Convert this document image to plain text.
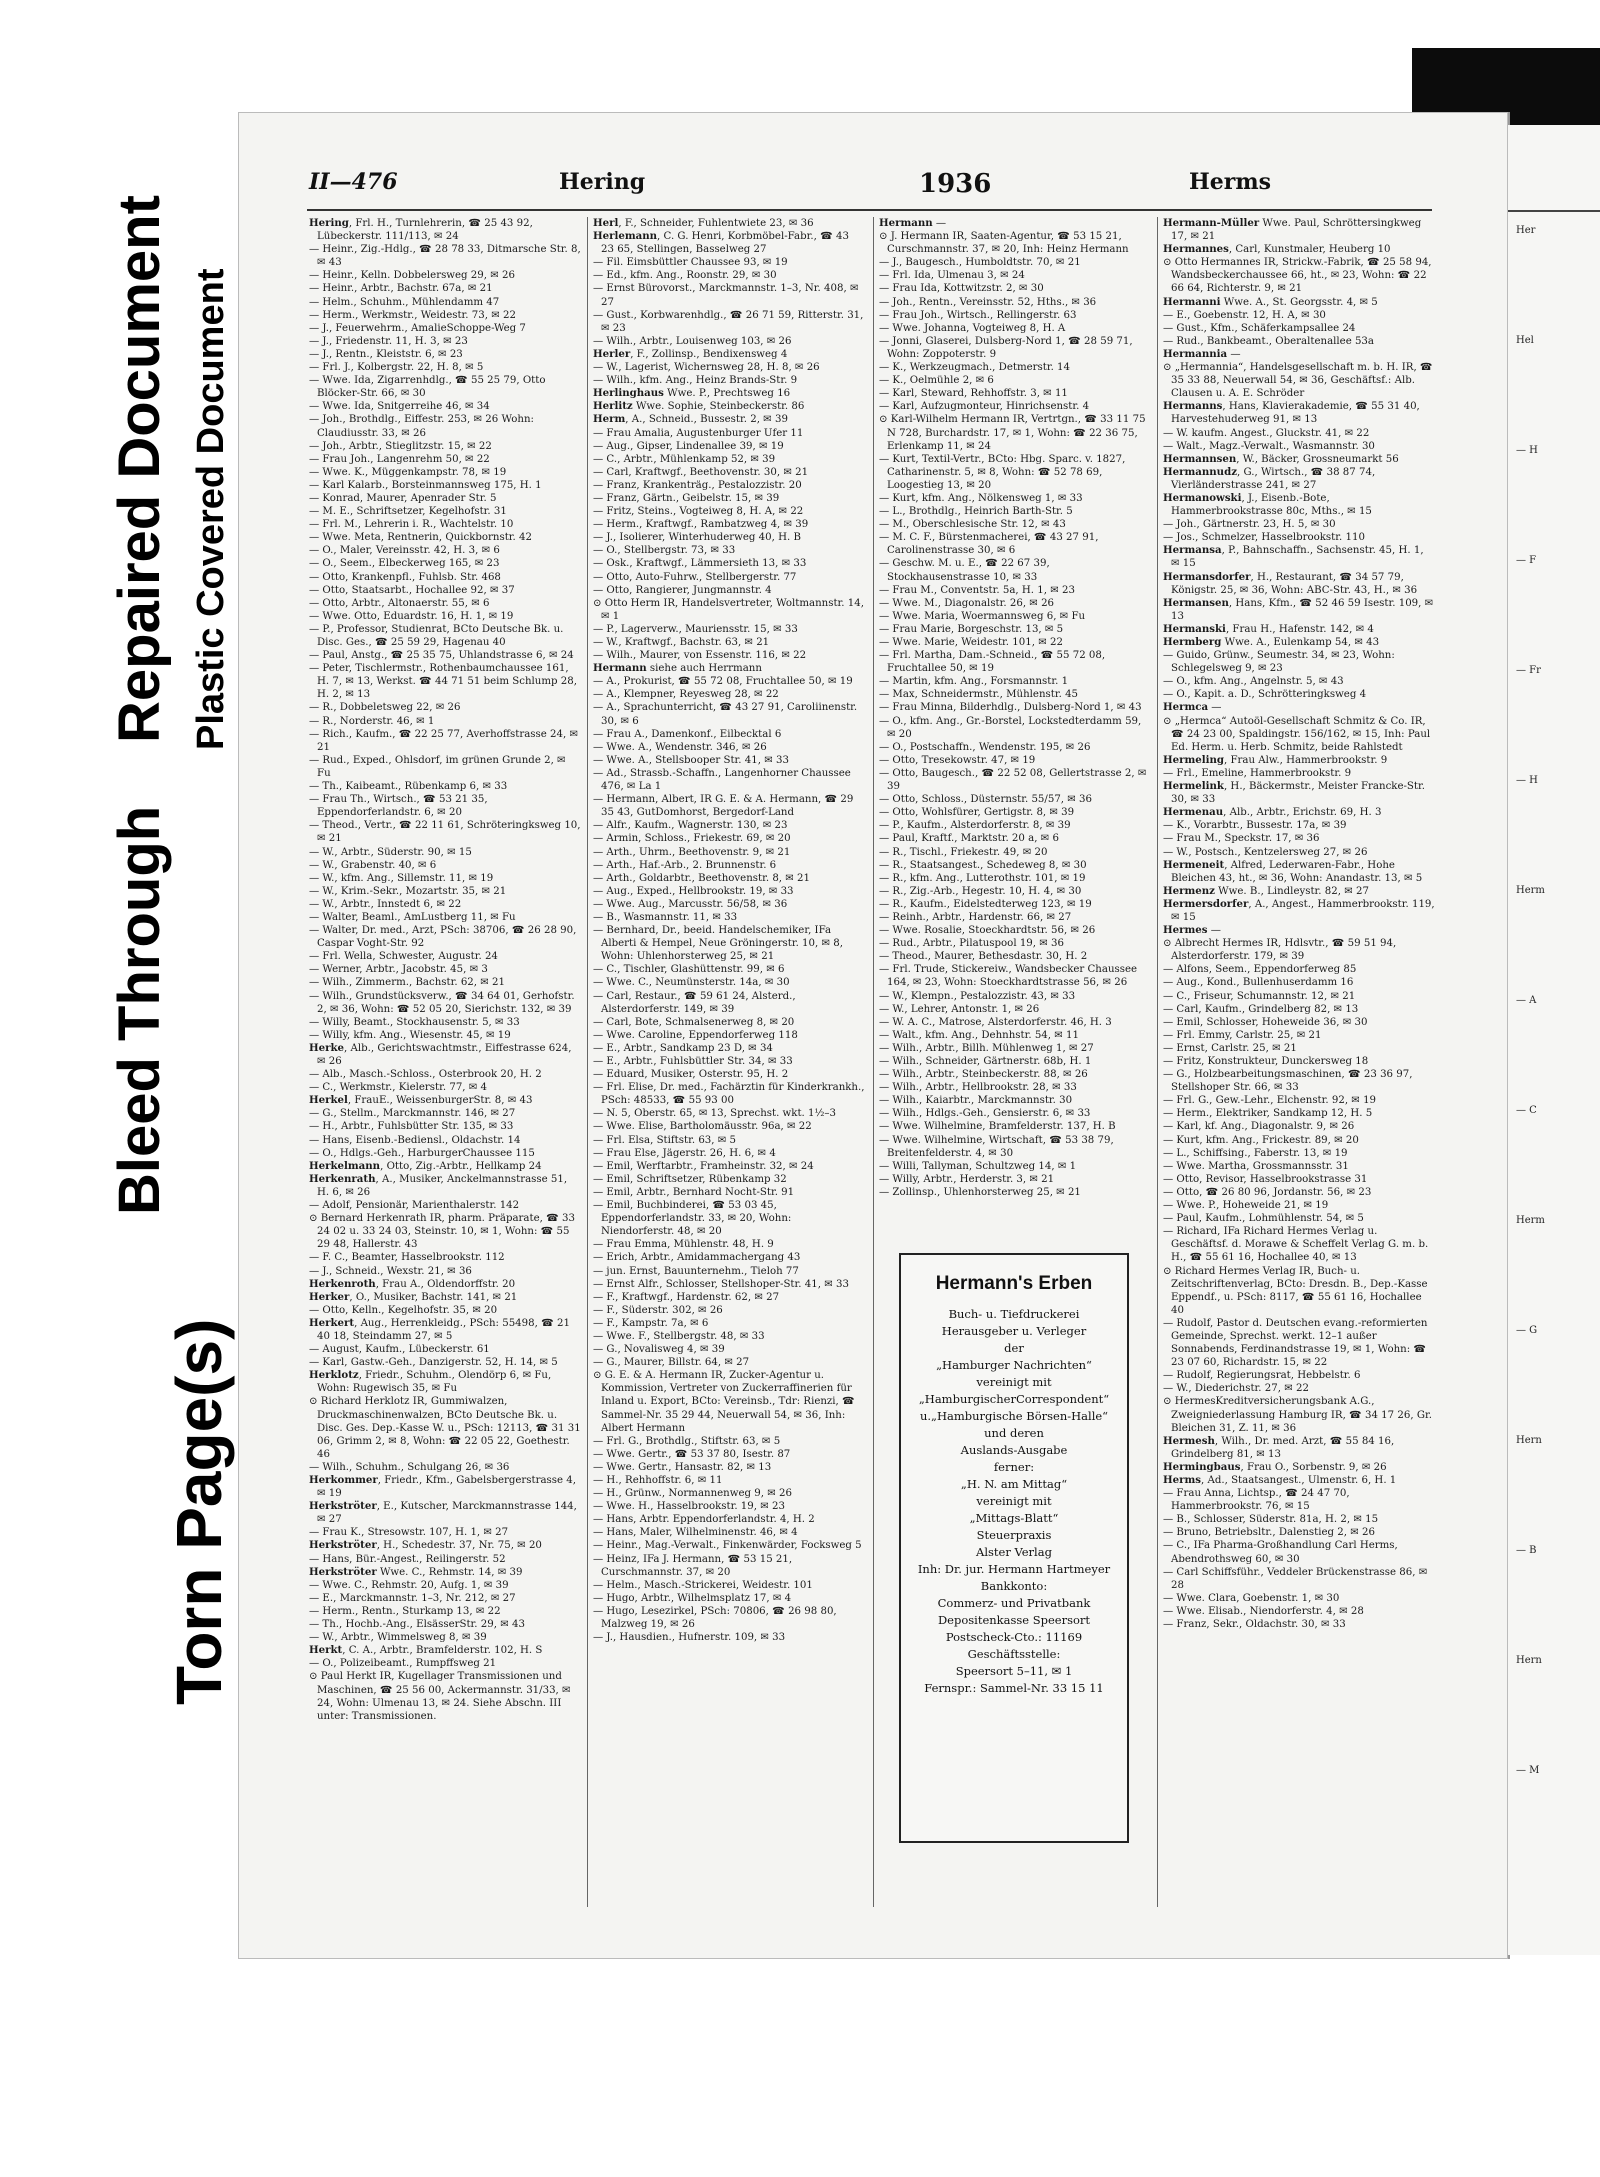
Bleed Through
Repaired Document Plastic Covered Document
Torn Page(s)
II—476	Hering	1936	Herms

Hering, Frl. H., Turnlehrerin, ☎ 25 43 92, Lübeckerstr. 111/113, ✉ 24

— Heinr., Zig.-Hdlg., ☎ 28 78 33, Ditmarsche Str. 8, ✉ 43

— Heinr., Kelln. Dobbelersweg 29, ✉ 26

— Heinr., Arbtr., Bachstr. 67a, ✉ 21

— Helm., Schuhm., Mühlendamm 47

— Herm., Werkmstr., Weidestr. 73, ✉ 22

— J., Feuerwehrm., AmalieSchoppe-Weg 7

— J., Friedenstr. 11, H. 3, ✉ 23

— J., Rentn., Kleiststr. 6, ✉ 23

— Frl. J., Kolbergstr. 22, H. 8, ✉ 5

— Wwe. Ida, Zigarrenhdlg., ☎ 55 25 79, Otto Blöcker-Str. 66, ✉ 30

— Wwe. Ida, Snitgerreihe 46, ✉ 34

— Joh., Brothdlg., Eiffestr. 253, ✉ 26 Wohn: Claudiusstr. 33, ✉ 26

— Joh., Arbtr., Stieglitzstr. 15, ✉ 22

— Frau Joh., Langenrehm 50, ✉ 22

— Wwe. K., Müggenkampstr. 78, ✉ 19

— Karl Kalarb., Borsteinmannsweg 175, H. 1

— Konrad, Maurer, Apenrader Str. 5

— M. E., Schriftsetzer, Kegelhofstr. 31

— Frl. M., Lehrerin i. R., Wachtelstr. 10

— Wwe. Meta, Rentnerin, Quickbornstr. 42

— O., Maler, Vereinsstr. 42, H. 3, ✉ 6

— O., Seem., Elbeckerweg 165, ✉ 23

— Otto, Krankenpfl., Fuhlsb. Str. 468

— Otto, Staatsarbt., Hochallee 92, ✉ 37

— Otto, Arbtr., Altonaerstr. 55, ✉ 6

— Wwe. Otto, Eduardstr. 16, H. 1, ✉ 19

— P., Professor, Studienrat, BCto Deutsche Bk. u. Disc. Ges., ☎ 25 59 29, Hagenau 40

— Paul, Anstg., ☎ 25 35 75, Uhlandstrasse 6, ✉ 24

— Peter, Tischlermstr., Rothenbaumchaussee 161, H. 7, ✉ 13, Werkst. ☎ 44 71 51 beim Schlump 28, H. 2, ✉ 13

— R., Dobbeletsweg 22, ✉ 26

— R., Norderstr. 46, ✉ 1

— Rich., Kaufm., ☎ 22 25 77, Averhoffstrasse 24, ✉ 21

— Rud., Exped., Ohlsdorf, im grünen Grunde 2, ✉ Fu

— Th., Kaibeamt., Rübenkamp 6, ✉ 33

— Frau Th., Wirtsch., ☎ 53 21 35, Eppendorferlandstr. 6, ✉ 20

— Theod., Vertr., ☎ 22 11 61, Schröteringksweg 10, ✉ 21

— W., Arbtr., Süderstr. 90, ✉ 15

— W., Grabenstr. 40, ✉ 6

— W., kfm. Ang., Sillemstr. 11, ✉ 19

— W., Krim.-Sekr., Mozartstr. 35, ✉ 21

— W., Arbtr., Innstedt 6, ✉ 22

— Walter, Beaml., AmLustberg 11, ✉ Fu

— Walter, Dr. med., Arzt, PSch: 38706, ☎ 26 28 90, Caspar Voght-Str. 92

— Frl. Wella, Schwester, Augustr. 24

— Werner, Arbtr., Jacobstr. 45, ✉ 3

— Wilh., Zimmerm., Bachstr. 62, ✉ 21

— Wilh., Grundstücksverw., ☎ 34 64 01, Gerhofstr. 2, ✉ 36, Wohn: ☎ 52 05 20, Sierichstr. 132, ✉ 39

— Willy, Beamt., Stockhausenstr. 5, ✉ 33

— Willy, kfm. Ang., Wiesenstr. 45, ✉ 19

Herke, Alb., Gerichtswachtmstr., Eiffestrasse 624, ✉ 26

— Alb., Masch.-Schloss., Osterbrook 20, H. 2

— C., Werkmstr., Kielerstr. 77, ✉ 4

Herkel, FrauE., WeissenburgerStr. 8, ✉ 43

— G., Stellm., Marckmannstr. 146, ✉ 27

— H., Arbtr., Fuhlsbütter Str. 135, ✉ 33

— Hans, Eisenb.-Bediensl., Oldachstr. 14

— O., Hdlgs.-Geh., HarburgerChaussee 115

Herkelmann, Otto, Zig.-Arbtr., Hellkamp 24

Herkenrath, A., Musiker, Anckelmannstrasse 51, H. 6, ✉ 26

— Adolf, Pensionär, Marienthalerstr. 142

⊙ Bernard Herkenrath IR, pharm. Präparate, ☎ 33 24 02 u. 33 24 03, Steinstr. 10, ✉ 1, Wohn: ☎ 55 29 48, Hallerstr. 43

— F. C., Beamter, Hasselbrookstr. 112

— J., Schneid., Wexstr. 21, ✉ 36

Herkenroth, Frau A., Oldendorffstr. 20

Herker, O., Musiker, Bachstr. 141, ✉ 21

— Otto, Kelln., Kegelhofstr. 35, ✉ 20

Herkert, Aug., Herrenkleidg., PSch: 55498, ☎ 21 40 18, Steindamm 27, ✉ 5

— August, Kaufm., Lübeckerstr. 61

— Karl, Gastw.-Geh., Danzigerstr. 52, H. 14, ✉ 5

Herklotz, Friedr., Schuhm., Olendörp 6, ✉ Fu, Wohn: Rugewisch 35, ✉ Fu

⊙ Richard Herklotz IR, Gummiwalzen, Druckmaschinenwalzen, BCto Deutsche Bk. u. Disc. Ges. Dep.-Kasse W. u., PSch: 12113, ☎ 31 31 06, Grimm 2, ✉ 8, Wohn: ☎ 22 05 22, Goethestr. 46

— Wilh., Schuhm., Schulgang 26, ✉ 36

Herkommer, Friedr., Kfm., Gabelsbergerstrasse 4, ✉ 19

Herkströter, E., Kutscher, Marckmannstrasse 144, ✉ 27

— Frau K., Stresowstr. 107, H. 1, ✉ 27

Herkströter, H., Schedestr. 37, Nr. 75, ✉ 20

— Hans, Bür.-Angest., Reilingerstr. 52

Herkströter Wwe. C., Rehmstr. 14, ✉ 39

— Wwe. C., Rehmstr. 20, Aufg. 1, ✉ 39

— E., Marckmannstr. 1–3, Nr. 212, ✉ 27

— Herm., Rentn., Sturkamp 13, ✉ 22

— Th., Hochb.-Ang., ElsässerStr. 29, ✉ 43

— W., Arbtr., Wimmelsweg 8, ✉ 39

Herkt, C. A., Arbtr., Bramfelderstr. 102, H. S

— O., Polizeibeamt., Rumpffsweg 21

⊙ Paul Herkt IR, Kugellager Transmissionen und Maschinen, ☎ 25 56 00, Ackermannstr. 31/33, ✉ 24, Wohn: Ulmenau 13, ✉ 24. Siehe Abschn. III unter: Transmissionen.

Herl, F., Schneider, Fuhlentwiete 23, ✉ 36

Herlemann, C. G. Henri, Korbmöbel-Fabr., ☎ 43 23 65, Stellingen, Basselweg 27

— Fil. Eimsbüttler Chaussee 93, ✉ 19

— Ed., kfm. Ang., Roonstr. 29, ✉ 30

— Ernst Bürovorst., Marckmannstr. 1–3, Nr. 408, ✉ 27

— Gust., Korbwarenhdlg., ☎ 26 71 59, Ritterstr. 31, ✉ 23

— Wilh., Arbtr., Louisenweg 103, ✉ 26

Herler, F., Zollinsp., Bendixensweg 4

— W., Lagerist, Wichernsweg 28, H. 8, ✉ 26

— Wilh., kfm. Ang., Heinz Brands-Str. 9

Herlinghaus Wwe. P., Prechtsweg 16

Herlitz Wwe. Sophie, Steinbeckerstr. 86

Herm, A., Schneid., Bussestr. 2, ✉ 39

— Frau Amalia, Augustenburger Ufer 11

— Aug., Gipser, Lindenallee 39, ✉ 19

— C., Arbtr., Mühlenkamp 52, ✉ 39

— Carl, Kraftwgf., Beethovenstr. 30, ✉ 21

— Franz, Krankenträg., Pestalozzistr. 20

— Franz, Gärtn., Geibelstr. 15, ✉ 39

— Fritz, Steins., Vogteiweg 8, H. A, ✉ 22

— Herm., Kraftwgf., Rambatzweg 4, ✉ 39

— J., Isolierer, Winterhuderweg 40, H. B

— O., Stellbergstr. 73, ✉ 33

— Osk., Kraftwgf., Lämmersieth 13, ✉ 33

— Otto, Auto-Fuhrw., Stellbergerstr. 77

— Otto, Rangierer, Jungmannstr. 4

⊙ Otto Herm IR, Handelsvertreter, Woltmannstr. 14, ✉ 1

— P., Lagerverw., Mauriensstr. 15, ✉ 33

— W., Kraftwgf., Bachstr. 63, ✉ 21

— Wilh., Maurer, von Essenstr. 116, ✉ 22

Hermann siehe auch Herrmann

— A., Prokurist, ☎ 55 72 08, Fruchtallee 50, ✉ 19

— A., Klempner, Reyesweg 28, ✉ 22

— A., Sprachunterricht, ☎ 43 27 91, Caroliinenstr. 30, ✉ 6

— Frau A., Damenkonf., Eilbecktal 6

— Wwe. A., Wendenstr. 346, ✉ 26

— Wwe. A., Stellsbooper Str. 41, ✉ 33

— Ad., Strassb.-Schaffn., Langenhorner Chaussee 476, ✉ La 1

— Hermann, Albert, IR G. E. & A. Hermann, ☎ 29 35 43, GutDomhorst, Bergedorf-Land

— Alfr., Kaufm., Wagnerstr. 130, ✉ 23

— Armin, Schloss., Friekestr. 69, ✉ 20

— Arth., Uhrm., Beethovenstr. 9, ✉ 21

— Arth., Haf.-Arb., 2. Brunnenstr. 6

— Arth., Goldarbtr., Beethovenstr. 8, ✉ 21

— Aug., Exped., Hellbrookstr. 19, ✉ 33

— Wwe. Aug., Marcusstr. 56/58, ✉ 36

— B., Wasmannstr. 11, ✉ 33

— Bernhard, Dr., beeid. Handelschemiker, IFa Alberti & Hempel, Neue Gröningerstr. 10, ✉ 8, Wohn: Uhlenhorsterweg 25, ✉ 21

— C., Tischler, Glashüttenstr. 99, ✉ 6

— Wwe. C., Neumünsterstr. 14a, ✉ 30

— Carl, Restaur., ☎ 59 61 24, Alsterd., Alsterdorferstr. 149, ✉ 39

— Carl, Bote, Schmalsenerweg 8, ✉ 20

— Wwe. Caroline, Eppendorferweg 118

— E., Arbtr., Sandkamp 23 D, ✉ 34

— E., Arbtr., Fuhlsbüttler Str. 34, ✉ 33

— Eduard, Musiker, Osterstr. 95, H. 2

— Frl. Elise, Dr. med., Fachärztin für Kinderkrankh., PSch: 48533, ☎ 55 93 00

— N. 5, Oberstr. 65, ✉ 13, Sprechst. wkt. 1½–3

— Wwe. Elise, Bartholomäusstr. 96a, ✉ 22

— Frl. Elsa, Stiftstr. 63, ✉ 5

— Frau Else, Jägerstr. 26, H. 6, ✉ 4

— Emil, Werftarbtr., Framheinstr. 32, ✉ 24

— Emil, Schriftsetzer, Rübenkamp 32

— Emil, Arbtr., Bernhard Nocht-Str. 91

— Emil, Buchbinderei, ☎ 53 03 45, Eppendorferlandstr. 33, ✉ 20, Wohn: Niendorferstr. 48, ✉ 20

— Frau Emma, Mühlenstr. 48, H. 9

— Erich, Arbtr., Amidammachergang 43

— jun. Ernst, Bauunternehm., Tieloh 77

— Ernst Alfr., Schlosser, Stellshoper-Str. 41, ✉ 33

— F., Kraftwgf., Hardenstr. 62, ✉ 27

— F., Süderstr. 302, ✉ 26

— F., Kampstr. 7a, ✉ 6

— Wwe. F., Stellbergstr. 48, ✉ 33

— G., Novalisweg 4, ✉ 39

— G., Maurer, Billstr. 64, ✉ 27

⊙ G. E. & A. Hermann IR, Zucker-Agentur u. Kommission, Vertreter von Zuckerraffinerien für Inland u. Export, BCto: Vereinsb., Tdr: Rienzi, ☎ Sammel-Nr. 35 29 44, Neuerwall 54, ✉ 36, Inh: Albert Hermann

— Frl. G., Brothdlg., Stiftstr. 63, ✉ 5

— Wwe. Gertr., ☎ 53 37 80, Isestr. 87

— Wwe. Gertr., Hansastr. 82, ✉ 13

— H., Rehhoffstr. 6, ✉ 11

— H., Grünw., Normannenweg 9, ✉ 26

— Wwe. H., Hasselbrookstr. 19, ✉ 23

— Hans, Arbtr. Eppendorferlandstr. 4, H. 2

— Hans, Maler, Wilhelminenstr. 46, ✉ 4

— Heinr., Mag.-Verwalt., Finkenwärder, Focksweg 5

— Heinz, IFa J. Hermann, ☎ 53 15 21, Curschmannstr. 37, ✉ 20

— Helm., Masch.-Strickerei, Weidestr. 101

— Hugo, Arbtr., Wilhelmsplatz 17, ✉ 4

— Hugo, Lesezirkel, PSch: 70806, ☎ 26 98 80, Malzweg 19, ✉ 26

— J., Hausdien., Hufnerstr. 109, ✉ 33

Hermann —

⊙ J. Hermann IR, Saaten-Agentur, ☎ 53 15 21, Curschmannstr. 37, ✉ 20, Inh: Heinz Hermann

— J., Baugesch., Humboldtstr. 70, ✉ 21

— Frl. Ida, Ulmenau 3, ✉ 24

— Frau Ida, Kottwitzstr. 2, ✉ 30

— Joh., Rentn., Vereinsstr. 52, Hths., ✉ 36

— Frau Joh., Wirtsch., Rellingerstr. 63

— Wwe. Johanna, Vogteiweg 8, H. A

— Jonni, Glaserei, Dulsberg-Nord 1, ☎ 28 59 71, Wohn: Zoppoterstr. 9

— K., Werkzeugmach., Detmerstr. 14

— K., Oelmühle 2, ✉ 6

— Karl, Steward, Rehhoffstr. 3, ✉ 11

— Karl, Aufzugmonteur, Hinrichsenstr. 4

⊙ Karl-Wilhelm Hermann IR, Vertrtgn., ☎ 33 11 75 N 728, Burchardstr. 17, ✉ 1, Wohn: ☎ 22 36 75, Erlenkamp 11, ✉ 24

— Kurt, Textil-Vertr., BCto: Hbg. Sparc. v. 1827, Catharinenstr. 5, ✉ 8, Wohn: ☎ 52 78 69, Loogestieg 13, ✉ 20

— Kurt, kfm. Ang., Nölkensweg 1, ✉ 33

— L., Brothdlg., Heinrich Barth-Str. 5

— M., Oberschlesische Str. 12, ✉ 43

— M. C. F., Bürstenmacherei, ☎ 43 27 91, Carolinenstrasse 30, ✉ 6

— Geschw. M. u. E., ☎ 22 67 39, Stockhausenstrasse 10, ✉ 33

— Frau M., Conventstr. 5a, H. 1, ✉ 23

— Wwe. M., Diagonalstr. 26, ✉ 26

— Wwe. Maria, Woermannsweg 6, ✉ Fu

— Frau Marie, Borgeschstr. 13, ✉ 5

— Wwe. Marie, Weidestr. 101, ✉ 22

— Frl. Martha, Dam.-Schneid., ☎ 55 72 08, Fruchtallee 50, ✉ 19

— Martin, kfm. Ang., Forsmannstr. 1

— Max, Schneidermstr., Mühlenstr. 45

— Frau Minna, Bilderhdlg., Dulsberg-Nord 1, ✉ 43

— O., kfm. Ang., Gr.-Borstel, Lockstedterdamm 59, ✉ 20

— O., Postschaffn., Wendenstr. 195, ✉ 26

— Otto, Tresekowstr. 47, ✉ 19

— Otto, Baugesch., ☎ 22 52 08, Gellertstrasse 2, ✉ 39

— Otto, Schloss., Düsternstr. 55/57, ✉ 36

— Otto, Wohlsfürer, Gertigstr. 8, ✉ 39

— P., Kaufm., Alsterdorferstr. 8, ✉ 39

— Paul, Kraftf., Marktstr. 20 a, ✉ 6

— R., Tischl., Friekestr. 49, ✉ 20

— R., Staatsangest., Schedeweg 8, ✉ 30

— R., kfm. Ang., Lutterothstr. 101, ✉ 19

— R., Zig.-Arb., Hegestr. 10, H. 4, ✉ 30

— R., Kaufm., Eidelstedterweg 123, ✉ 19

— Reinh., Arbtr., Hardenstr. 66, ✉ 27

— Wwe. Rosalie, Stoeckhardtstr. 56, ✉ 26

— Rud., Arbtr., Pilatuspool 19, ✉ 36

— Theod., Maurer, Bethesdastr. 30, H. 2

— Frl. Trude, Stickereiw., Wandsbecker Chaussee 164, ✉ 23, Wohn: Stoeckhardtstrasse 56, ✉ 26

— W., Klempn., Pestalozzistr. 43, ✉ 33

— W., Lehrer, Antonstr. 1, ✉ 26

— W. A. C., Matrose, Alsterdorferstr. 46, H. 3

— Walt., kfm. Ang., Dehnhstr. 54, ✉ 11

— Wilh., Arbtr., Billh. Mühlenweg 1, ✉ 27

— Wilh., Schneider, Gärtnerstr. 68b, H. 1

— Wilh., Arbtr., Steinbeckerstr. 88, ✉ 26

— Wilh., Arbtr., Hellbrookstr. 28, ✉ 33

— Wilh., Kaiarbtr., Marckmannstr. 30

— Wilh., Hdlgs.-Geh., Gensierstr. 6, ✉ 33

— Wwe. Wilhelmine, Bramfelderstr. 137, H. B

— Wwe. Wilhelmine, Wirtschaft, ☎ 53 38 79, Breitenfelderstr. 4, ✉ 30

— Willi, Tallyman, Schultzweg 14, ✉ 1

— Willy, Arbtr., Herderstr. 3, ✉ 21

— Zollinsp., Uhlenhorsterweg 25, ✉ 21

Hermann-Müller Wwe. Paul, Schröttersingkweg 17, ✉ 21

Hermannes, Carl, Kunstmaler, Heuberg 10

⊙ Otto Hermannes IR, Strickw.-Fabrik, ☎ 25 58 94, Wandsbeckerchaussee 66, ht., ✉ 23, Wohn: ☎ 22 66 64, Richterstr. 9, ✉ 21

Hermanni Wwe. A., St. Georgsstr. 4, ✉ 5

— E., Goebenstr. 12, H. A, ✉ 30

— Gust., Kfm., Schäferkampsallee 24

— Rud., Bankbeamt., Oberaltenallee 53a

Hermannia —

⊙ „Hermannia“, Handelsgesellschaft m. b. H. IR, ☎ 35 33 88, Neuerwall 54, ✉ 36, Geschäftsf.: Alb. Clausen u. A. E. Schröder

Hermanns, Hans, Klavierakademie, ☎ 55 31 40, Harvestehuderweg 91, ✉ 13

— W. kaufm. Angest., Gluckstr. 41, ✉ 22

— Walt., Magz.-Verwalt., Wasmannstr. 30

Hermannsen, W., Bäcker, Grossneumarkt 56

Hermannudz, G., Wirtsch., ☎ 38 87 74, Vierländerstrasse 241, ✉ 27

Hermanowski, J., Eisenb.-Bote, Hammerbrookstrasse 80c, Mths., ✉ 15

— Joh., Gärtnerstr. 23, H. 5, ✉ 30

— Jos., Schmelzer, Hasselbrookstr. 110

Hermansa, P., Bahnschaffn., Sachsenstr. 45, H. 1, ✉ 15

Hermansdorfer, H., Restaurant, ☎ 34 57 79, Königstr. 25, ✉ 36, Wohn: ABC-Str. 43, H., ✉ 36

Hermansen, Hans, Kfm., ☎ 52 46 59 Isestr. 109, ✉ 13

Hermanski, Frau H., Hafenstr. 142, ✉ 4

Hermberg Wwe. A., Eulenkamp 54, ✉ 43

— Guido, Grünw., Seumestr. 34, ✉ 23, Wohn: Schlegelsweg 9, ✉ 23

— O., kfm. Ang., Angelnstr. 5, ✉ 43

— O., Kapit. a. D., Schrötteringksweg 4

Hermca —

⊙ „Hermca“ Autoöl-Gesellschaft Schmitz & Co. IR, ☎ 24 23 00, Spaldingstr. 156/162, ✉ 15, Inh: Paul Ed. Herm. u. Herb. Schmitz, beide Rahlstedt

Hermeling, Frau Alw., Hammerbrookstr. 9

— Frl., Emeline, Hammerbrookstr. 9

Hermelink, H., Bäckermstr., Meister Francke-Str. 30, ✉ 33

Hermenau, Alb., Arbtr., Erichstr. 69, H. 3

— K., Vorarbtr., Bussestr. 17a, ✉ 39

— Frau M., Speckstr. 17, ✉ 36

— W., Postsch., Kentzelersweg 27, ✉ 26

Hermeneit, Alfred, Lederwaren-Fabr., Hohe Bleichen 43, ht., ✉ 36, Wohn: Anandastr. 13, ✉ 5

Hermenz Wwe. B., Lindleystr. 82, ✉ 27

Hermersdorfer, A., Angest., Hammerbrookstr. 119, ✉ 15

Hermes —

⊙ Albrecht Hermes IR, Hdlsvtr., ☎ 59 51 94, Alsterdorferstr. 179, ✉ 39

— Alfons, Seem., Eppendorferweg 85

— Aug., Kond., Bullenhuserdamm 16

— C., Friseur, Schumannstr. 12, ✉ 21

— Carl, Kaufm., Grindelberg 82, ✉ 13

— Emil, Schlosser, Hoheweide 36, ✉ 30

— Frl. Emmy, Carlstr. 25, ✉ 21

— Ernst, Carlstr. 25, ✉ 21

— Fritz, Konstrukteur, Dunckersweg 18

— G., Holzbearbeitungsmaschinen, ☎ 23 36 97, Stellshoper Str. 66, ✉ 33

— Frl. G., Gew.-Lehr., Elchenstr. 92, ✉ 19

— Herm., Elektriker, Sandkamp 12, H. 5

— Karl, kf. Ang., Diagonalstr. 9, ✉ 26

— Kurt, kfm. Ang., Frickestr. 89, ✉ 20

— L., Schiffsing., Faberstr. 13, ✉ 19

— Wwe. Martha, Grossmannsstr. 31

— Otto, Revisor, Hasselbrookstrasse 31

— Otto, ☎ 26 80 96, Jordanstr. 56, ✉ 23

— Wwe. P., Hoheweide 21, ✉ 19

— Paul, Kaufm., Lohmühlenstr. 54, ✉ 5

— Richard, IFa Richard Hermes Verlag u. Geschäftsf. d. Morawe & Scheffelt Verlag G. m. b. H., ☎ 55 61 16, Hochallee 40, ✉ 13

⊙ Richard Hermes Verlag IR, Buch- u. Zeitschriftenverlag, BCto: Dresdn. B., Dep.-Kasse Eppendf., u. PSch: 8117, ☎ 55 61 16, Hochallee 40

— Rudolf, Pastor d. Deutschen evang.-reformierten Gemeinde, Sprechst. werkt. 12–1 außer Sonnabends, Ferdinandstrasse 19, ✉ 1, Wohn: ☎ 23 07 60, Richardstr. 15, ✉ 22

— Rudolf, Regierungsrat, Hebbelstr. 6

— W., Diederichstr. 27, ✉ 22

⊙ HermesKreditversicherungsbank A.G., Zweigniederlassung Hamburg IR, ☎ 34 17 26, Gr. Bleichen 31, Z. 11, ✉ 36

Hermesh, Wilh., Dr. med. Arzt, ☎ 55 84 16, Grindelberg 81, ✉ 13

Hermingbaus, Frau O., Sorbenstr. 9, ✉ 26

Herms, Ad., Staatsangest., Ulmenstr. 6, H. 1

— Frau Anna, Lichtsp., ☎ 24 47 70, Hammerbrookstr. 76, ✉ 15

— B., Schlosser, Süderstr. 81a, H. 2, ✉ 15

— Bruno, Betriebsltr., Dalenstieg 2, ✉ 26

— C., IFa Pharma-Großhandlung Carl Herms, Abendrothsweg 60, ✉ 30

— Carl Schiffsführ., Veddeler Brückenstrasse 86, ✉ 28

— Wwe. Clara, Goebenstr. 1, ✉ 30

— Wwe. Elisab., Niendorferstr. 4, ✉ 28

— Franz, Sekr., Oldachstr. 30, ✉ 33

Hermann's Erben
Buch- u. Tiefdruckerei
Herausgeber u. Verleger
der
„Hamburger Nachrichten“
vereinigt mit
„HamburgischerCorrespondent“
u.„Hamburgische Börsen-Halle“
und deren
Auslands-Ausgabe
ferner:
„H. N. am Mittag“
vereinigt mit
„Mittags-Blatt“
Steuerpraxis
Alster Verlag
Inh: Dr. jur. Hermann Hartmeyer
Bankkonto:
Commerz- und Privatbank
Depositenkasse Speersort
Postscheck-Cto.: 11169
Geschäftsstelle:
Speersort 5–11, ✉ 1
Fernspr.: Sammel-Nr. 33 15 11
Her
Hel
— H
— F
— Fr
— H
Herm
— A
— C
Herm
— G
Hern
— B
Hern
— M
